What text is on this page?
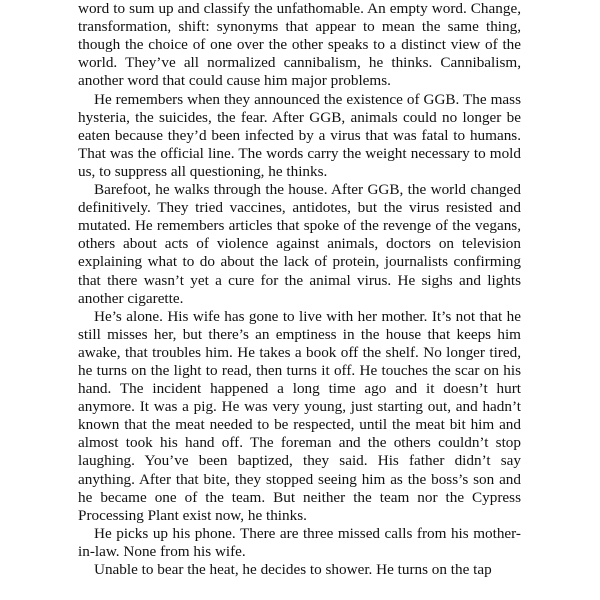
word to sum up and classify the unfathomable. An empty word. Change, transformation, shift: synonyms that appear to mean the same thing, though the choice of one over the other speaks to a distinct view of the world. They’ve all normalized cannibalism, he thinks. Cannibalism, another word that could cause him major problems.

He remembers when they announced the existence of GGB. The mass hysteria, the suicides, the fear. After GGB, animals could no longer be eaten because they’d been infected by a virus that was fatal to humans. That was the official line. The words carry the weight necessary to mold us, to suppress all questioning, he thinks.

Barefoot, he walks through the house. After GGB, the world changed definitively. They tried vaccines, antidotes, but the virus resisted and mutated. He remembers articles that spoke of the revenge of the vegans, others about acts of violence against animals, doctors on television explaining what to do about the lack of protein, journalists confirming that there wasn’t yet a cure for the animal virus. He sighs and lights another cigarette.

He’s alone. His wife has gone to live with her mother. It’s not that he still misses her, but there’s an emptiness in the house that keeps him awake, that troubles him. He takes a book off the shelf. No longer tired, he turns on the light to read, then turns it off. He touches the scar on his hand. The incident happened a long time ago and it doesn’t hurt anymore. It was a pig. He was very young, just starting out, and hadn’t known that the meat needed to be respected, until the meat bit him and almost took his hand off. The foreman and the others couldn’t stop laughing. You’ve been baptized, they said. His father didn’t say anything. After that bite, they stopped seeing him as the boss’s son and he became one of the team. But neither the team nor the Cypress Processing Plant exist now, he thinks.

He picks up his phone. There are three missed calls from his mother-in-law. None from his wife.

Unable to bear the heat, he decides to shower. He turns on the tap
